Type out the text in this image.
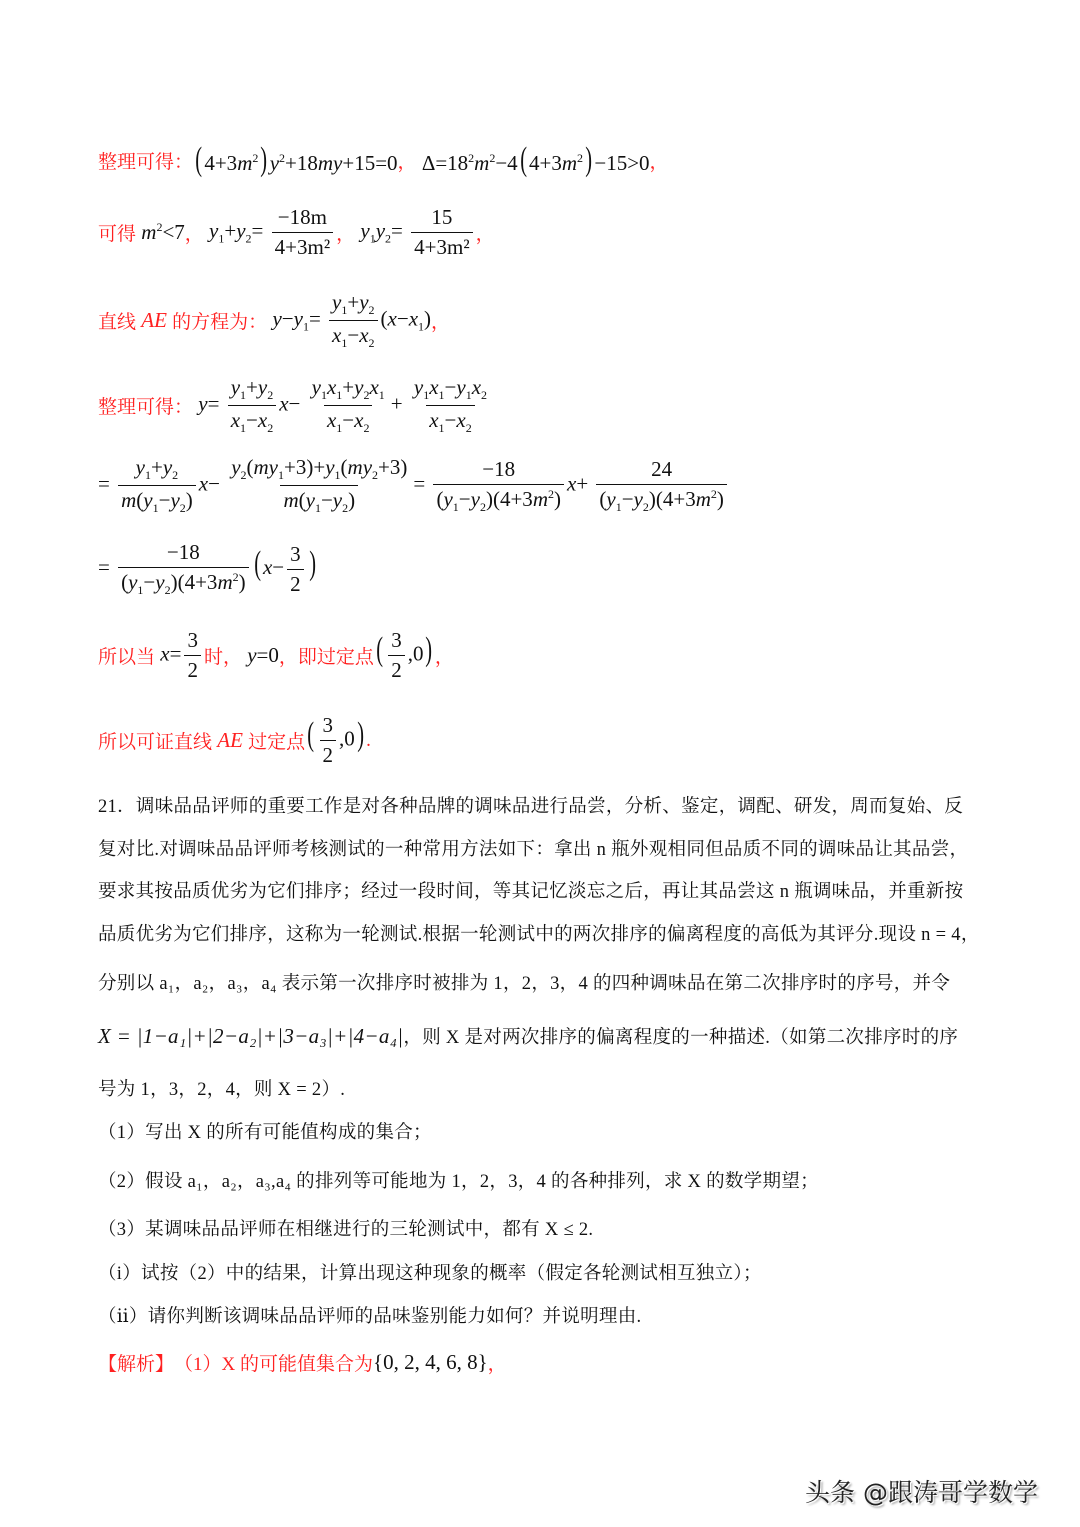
整理可得： ( $4+3m^2$) $y^2+18my+15=0$ ， $\Delta=18^2m^2-4$( $4+3m^2) -15>0$ ，
可得 $m^2<7$ ， $y_1+y_2= \frac{-18m}{\text{4+3m²}}$ ， $y_1y_2= \frac{15}{\text{4+3m²}}$ ，
直线 AE 的方程为： $y-y_1= \frac{y_1+y_2}{x_1-x_2} (x-x_1)$ ，
整理可得： $y= \frac{y_1+y_2}{x_1-x_2} x- \frac{y_1x_1+y_2x_1}{x_1-x_2} + \frac{y_1x_1-y_1x_2}{x_1-x_2}$
= $\frac{y_1+y_2}{m(y_1-y_2)} x- \frac{y_2(my_1+3)+y_1(my_2+3)}{m(y_1-y_2)} = \frac{-18}{(y_1-y_2)(4+3m^2)} x+ \frac{24}{(y_1-y_2)(4+3m^2)}$
= $\frac{-18}{(y_1-y_2)(4+3m^2)}$ ( $x- \frac{3}{2}$ )
所以当 $x= \frac{3}{2}$ 时， y=0 ， 即过定点 ( $\frac{3}{2} ,0$) ，
所以可证直线 AE 过定点 ( $\frac{3}{2} ,0$) .
21．调味品品评师的重要工作是对各种品牌的调味品进行品尝，分析、鉴定，调配、研发，周而复始、反
复对比.对调味品品评师考核测试的一种常用方法如下：拿出 n 瓶外观相同但品质不同的调味品让其品尝，
要求其按品质优劣为它们排序；经过一段时间，等其记忆淡忘之后，再让其品尝这 n 瓶调味品，并重新按
品质优劣为它们排序，这称为一轮测试.根据一轮测试中的两次排序的偏离程度的高低为其评分.现设 n = 4，
分别以 a₁，a₂，a₃，a₄ 表示第一次排序时被排为 1，2，3，4 的四种调味品在第二次排序时的序号，并令
X = |1−a₁|+|2−a₂|+|3−a₃|+|4−a₄| ，则 X 是对两次排序的偏离程度的一种描述.（如第二次排序时的序
号为 1，3，2，4，则 X = 2）.
（1）写出 X 的所有可能值构成的集合；
（2）假设 a₁，a₂，a₃,a₄ 的排列等可能地为 1，2，3，4 的各种排列，求 X 的数学期望；
（3）某调味品品评师在相继进行的三轮测试中，都有 X ≤ 2.
（i）试按（2）中的结果，计算出现这种现象的概率（假定各轮测试相互独立）；
（ⅱ）请你判断该调味品品评师的品味鉴别能力如何？并说明理由.
【解析】 （1）X 的可能值集合为 {0, 2, 4, 6, 8} ，
头条 @跟涛哥学数学
